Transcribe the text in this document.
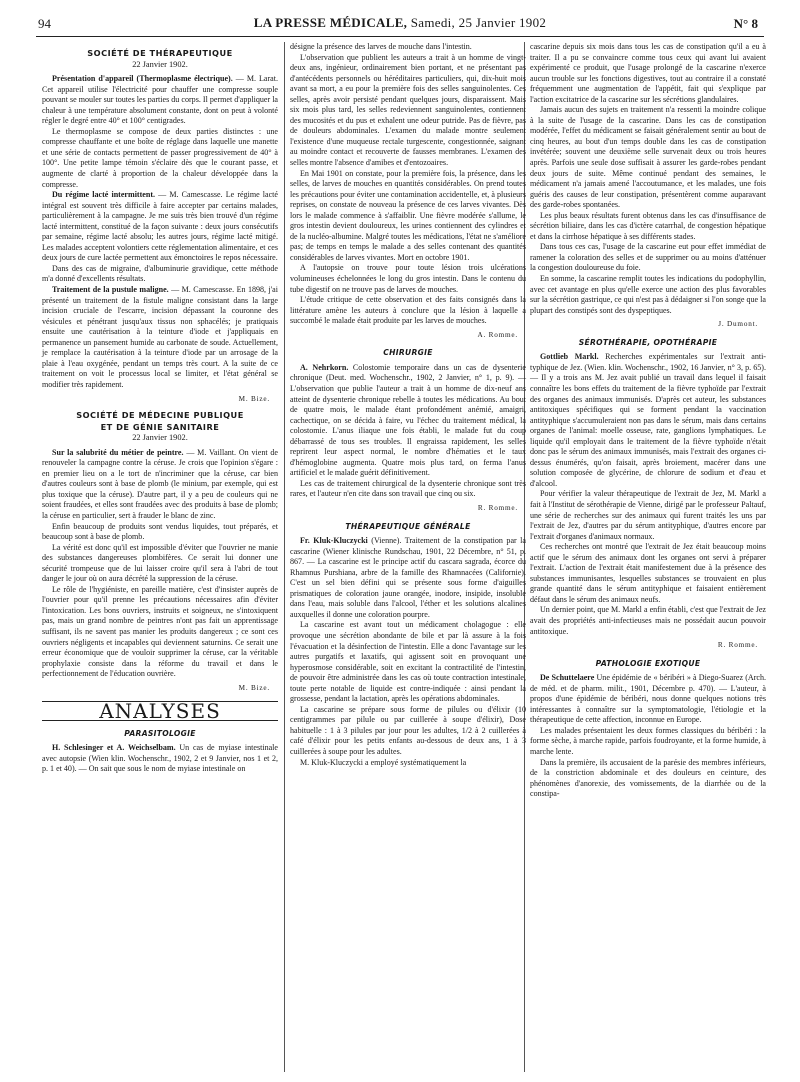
94	LA PRESSE MÉDICALE, Samedi, 25 Janvier 1902	N° 8
SOCIÉTÉ DE THÉRAPEUTIQUE
22 Janvier 1902.

Présentation d'appareil (Thermoplasme électrique). — M. Larat. Cet appareil utilise l'électricité pour chauffer une compresse souple pouvant se mouler sur toutes les parties du corps. Il permet d'appliquer la chaleur à une température absolument constante, dont on peut à volonté régler le degré entre 40° et 100° centigrades.

Le thermoplasme se compose de deux parties distinctes : une compresse chauffante et une boîte de réglage dans laquelle une manette et une série de contacts permettent de passer progressivement de 40° à 100°. Une petite lampe témoin s'éclaire dès que le courant passe, et augmente de clarté à proportion de la chaleur développée dans la compresse.

Du régime lacté intermittent. — M. Camescasse. Le régime lacté intégral est souvent très difficile à faire accepter par certains malades, particulièrement à la campagne. Je me suis très bien trouvé d'un régime lacté intermittent, constitué de la façon suivante : deux jours consécutifs par semaine, régime lacté absolu; les autres jours, régime lacté mitigé. Les malades acceptent volontiers cette réglementation alimentaire, et ces deux jours de cure lactée permettent aux émonctoires le repos nécessaire.

Dans des cas de migraine, d'albuminurie gravidique, cette méthode m'a donné d'excellents résultats.

Traitement de la pustule maligne. — M. Camescasse. En 1898, j'ai présenté un traitement de la fistule maligne consistant dans la large incision cruciale de l'escarre, incision dépassant la couronne des vésicules et pénétrant jusqu'aux tissus non sphacélés; je pratiquais ensuite une cautérisation à la teinture d'iode et j'appliquais en permanence un pansement humide au carbonate de soude. Actuellement, je remplace la cautérisation à la teinture d'iode par un arrosage de la plaie à l'eau oxygénée, pendant un temps très court. A la suite de ce traitement on voit le processus local se limiter, et l'état général se modifier très rapidement.

M. Bize.
SOCIÉTÉ DE MÉDECINE PUBLIQUE
ET DE GÉNIE SANITAIRE
22 Janvier 1902.

Sur la salubrité du métier de peintre. — M. Vaillant. On vient de renouveler la campagne contre la céruse. Je crois que l'opinion s'égare : en premier lieu on a le tort de n'incriminer que la céruse, car bien d'autres couleurs sont à base de plomb (le minium, par exemple, qui est plus toxique que la céruse). D'autre part, il y a peu de couleurs qui ne soient fraudées, et elles sont fraudées avec des produits à base de plomb; la céruse en particulier, sert à frauder le blanc de zinc.

Enfin beaucoup de produits sont vendus liquides, tout préparés, et beaucoup sont à base de plomb.

La vérité est donc qu'il est impossible d'éviter que l'ouvrier ne manie des substances dangereuses plombifères. Ce serait lui donner une sécurité trompeuse que de lui laisser croire qu'il sera à l'abri de tout danger le jour où on aura décrété la suppression de la céruse.

Le rôle de l'hygiéniste, en pareille matière, c'est d'insister auprès de l'ouvrier pour qu'il prenne les précautions nécessaires afin d'éviter l'intoxication. Les bons ouvriers, instruits et soigneux, ne s'intoxiquent pas, mais un grand nombre de peintres n'ont pas fait un apprentissage suffisant, ils ne savent pas manier les produits dangereux ; ce sont ces ouvriers négligents et incapables qui deviennent saturnins. Ce serait une erreur économique que de vouloir supprimer la céruse, car la véritable prophylaxie consiste dans la réforme du travail et dans le perfectionnement de l'éducation ouvrière.

M. Bize.
ANALYSES
PARASITOLOGIE

H. Schlesinger et A. Weichselbam. Un cas de myiase intestinale avec autopsie (Wien klin. Wochenschr., 1902, 2 et 9 Janvier, nos 1 et 2, p. 1 et 40). — On sait que sous le nom de myiase intestinale on

désigne la présence des larves de mouche dans l'intestin.

L'observation que publient les auteurs a trait à un homme de vingt-deux ans, ingénieur, ordinairement bien portant, et ne présentant pas d'antécédents personnels ou héréditaires particuliers, qui, dix-huit mois avant sa mort, a eu pour la première fois des selles sanguinolentes. Ces selles, après avoir persisté pendant quelques jours, disparaissent. Mais six mois plus tard, les selles redeviennent sanguinolentes, contiennent des mucosités et du pus et exhalent une odeur putride. Pas de fièvre, pas de douleurs abdominales. L'examen du malade montre seulement l'existence d'une muqueuse rectale turgescente, congestionnée, saignant au moindre contact et recouverte de fausses membranes. L'examen des selles montre l'absence d'amibes et d'entozoaires.

En Mai 1901 on constate, pour la première fois, la présence, dans les selles, de larves de mouches en quantités considérables. On prend toutes les précautions pour éviter une contamination accidentelle, et, à plusieurs reprises, on constate de nouveau la présence de ces larves vivantes. Dès lors le malade commence à s'affaiblir. Une fièvre modérée s'allume, le gros intestin devient douloureux, les urines contiennent des cylindres et de la nucléo-albumine. Malgré toutes les médications, l'état ne s'améliore pas; de temps en temps le malade a des selles contenant des quantités considérables de larves vivantes. Mort en octobre 1901.

A l'autopsie on trouve pour toute lésion trois ulcérations volumineuses échelonnées le long du gros intestin. Dans le contenu du tube digestif on ne trouve pas de larves de mouches.

L'étude critique de cette observation et des faits consignés dans la littérature amène les auteurs à conclure que la lésion à laquelle a succombé le malade était produite par les larves de mouches.

A. Romme.
CHIRURGIE

A. Nehrkorn. Colostomie temporaire dans un cas de dysenterie chronique (Deut. med. Wochenschr., 1902, 2 Janvier, n° 1, p. 9). — L'observation que publie l'auteur a trait à un homme de dix-neuf ans atteint de dysenterie chronique rebelle à toutes les médications. Au bout de quatre mois, le malade étant profondément anémié, amaigri, cachectique, on se décida à faire, vu l'échec du traitement médical, la colostomie. L'anus iliaque une fois établi, le malade fut du coup débarrassé de tous ses troubles. Il engraissa rapidement, les selles reprirent leur aspect normal, le nombre d'hématies et le taux d'hémoglobine augmenta. Quatre mois plus tard, on ferma l'anus artificiel et le malade guérit définitivement.

Les cas de traitement chirurgical de la dysenterie chronique sont très rares, et l'auteur n'en cite dans son travail que cinq ou six.

R. Romme.
THÉRAPEUTIQUE GÉNÉRALE

Fr. Kluk-Kluczycki (Vienne). Traitement de la constipation par la cascarine (Wiener klinische Rundschau, 1901, 22 Décembre, n° 51, p. 867. — La cascarine est le principe actif du cascara sagrada, écorce du Rhamnus Purshiana, arbre de la famille des Rhamnacées (Californie). C'est un sel bien défini qui se présente sous forme d'aiguilles prismatiques de coloration jaune orangée, inodore, insipide, insoluble dans l'eau, mais soluble dans l'alcool, l'éther et les solutions alcalines auxquelles il donne une coloration pourpre.

La cascarine est avant tout un médicament cholagogue : elle provoque une sécrétion abondante de bile et par là assure à la fois l'évacuation et la désinfection de l'intestin. Elle a donc l'avantage sur les autres purgatifs et laxatifs, qui agissent soit en provoquant une hyperosmose considérable, soit en excitant la contractilité de l'intestin, de pouvoir être administrée dans les cas où toute contraction intestinale, toute perte notable de liquide est contre-indiquée : ainsi pendant la grossesse, pendant la lactation, après les opérations abdominales.

La cascarine se prépare sous forme de pilules ou d'élixir (10 centigrammes par pilule ou par cuillerée à soupe d'élixir), Dose habituelle : 1 à 3 pilules par jour pour les adultes, 1/2 à 2 cuillerées à café d'élixir pour les petits enfants au-dessous de deux ans, 1 à 3 cuillerées à soupe pour les adultes.

M. Kluk-Kluczycki a employé systématiquement la

cascarine depuis six mois dans tous les cas de constipation qu'il a eu à traiter. Il a pu se convaincre comme tous ceux qui avant lui avaient expérimenté ce produit, que l'usage prolongé de la cascarine n'exerce aucun trouble sur les fonctions digestives, tout au contraire il a constaté fréquemment une augmentation de l'appétit, fait qui s'explique par l'action excitatrice de la cascarine sur les sécrétions glandulaires.

Jamais aucun des sujets en traitement n'a ressenti la moindre colique à la suite de l'usage de la cascarine. Dans les cas de constipation modérée, l'effet du médicament se faisait généralement sentir au bout de cinq heures, au bout d'un temps double dans les cas de constipation invétérée; souvent une deuxième selle survenait deux ou trois heures après. Parfois une seule dose suffisait à assurer les garde-robes pendant deux jours de suite. Même continué pendant des semaines, le médicament n'a jamais amené l'accoutumance, et les malades, une fois guéris des causes de leur constipation, présentèrent comme auparavant des garde-robes spontanées.

Les plus beaux résultats furent obtenus dans les cas d'insuffisance de sécrétion biliaire, dans les cas d'ictère catarrhal, de congestion hépatique et dans la cirrhose hépatique à ses différents stades.

Dans tous ces cas, l'usage de la cascarine eut pour effet immédiat de ramener la coloration des selles et de supprimer ou au moins d'atténuer la congestion douloureuse du foie.

En somme, la cascarine remplit toutes les indications du podophyllin, avec cet avantage en plus qu'elle exerce une action des plus favorables sur la sécrétion gastrique, ce qui n'est pas à dédaigner si l'on songe que la plupart des constipés sont des dyspeptiques.

J. Dumont.
SÉROTHÉRAPIE, OPOTHÉRAPIE

Gottlieb Markl. Recherches expérimentales sur l'extrait anti-typhique de Jez. (Wien. klin. Wochenschr., 1902, 16 Janvier, n° 3, p. 65). — Il y a trois ans M. Jez avait publié un travail dans lequel il faisait connaître les bons effets du traitement de la fièvre typhoïde par l'extrait des organes des animaux immunisés. D'après cet auteur, les substances antitoxiques spécifiques qui se forment pendant la vaccination antityphique s'accumuleraient non pas dans le sérum, mais dans certains organes de l'animal: moelle osseuse, rate, ganglions lymphatiques. Le liquide qu'il employait dans le traitement de la fièvre typhoïde n'était donc pas le sérum des animaux immunisés, mais l'extrait des organes ci-dessus énumérés, qu'on faisait, après broiement, macérer dans une solution composée de glycérine, de chlorure de sodium et d'eau et d'alcool.

Pour vérifier la valeur thérapeutique de l'extrait de Jez, M. Markl a fait à l'Institut de sérothérapie de Vienne, dirigé par le professeur Paltauf, une série de recherches sur des animaux qui furent traités les uns par l'extrait de Jez, d'autres par du sérum antityphique, d'autres encore par l'extrait d'organes d'animaux normaux.

Ces recherches ont montré que l'extrait de Jez était beaucoup moins actif que le sérum des animaux dont les organes ont servi à préparer l'extrait. L'action de l'extrait était manifestement due à la présence des substances immunisantes, lesquelles substances se trouvaient en plus grande quantité dans le sérum antityphique et faisaient entièrement défaut dans le sérum des animaux neufs.

Un dernier point, que M. Markl a enfin établi, c'est que l'extrait de Jez avait des propriétés anti-infectieuses mais ne possédait aucun pouvoir antitoxique.

R. Romme.
PATHOLOGIE EXOTIQUE

De Schuttelaere Une épidémie de « béribéri » à Diego-Suarez (Arch. de méd. et de pharm. milit., 1901, Décembre p. 470). — L'auteur, à propos d'une épidémie de béribéri, nous donne quelques notions très intéressantes à connaître sur la symptomatologie, l'étiologie et la thérapeutique de cette affection, inconnue en Europe.

Les malades présentaient les deux formes classiques du béribéri : la forme sèche, à marche rapide, parfois foudroyante, et la forme humide, à marche lente.

Dans la première, ils accusaient de la parésie des membres inférieurs, de la constriction abdominale et des douleurs en ceinture, des phénomènes d'anorexie, des vomissements, de la diarrhée ou de la constipa-
